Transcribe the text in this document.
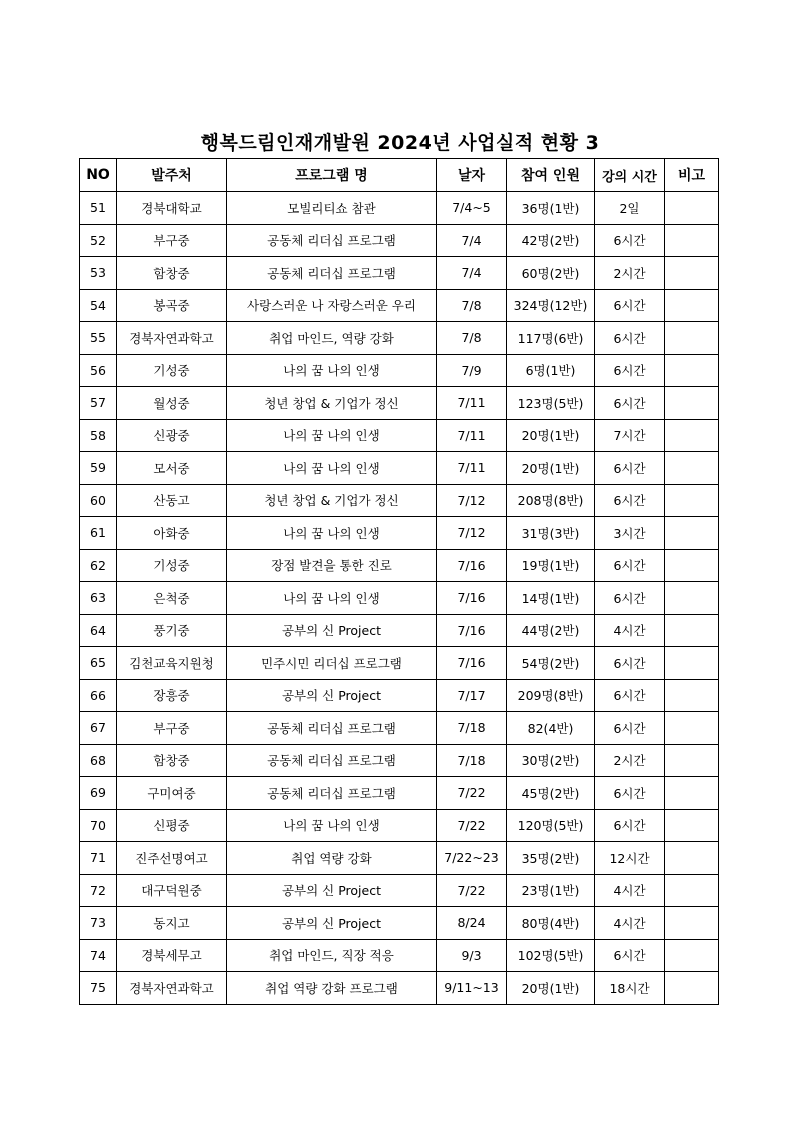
행복드림인재개발원 2024년 사업실적 현황 3
NO	발주처	프로그램 명	날자	참여 인원	강의 시간	비고
51	경북대학교	모빌리티쇼 참관	7/4~5	36명(1반)	2일	
52	부구중	공동체 리더십 프로그램	7/4	42명(2반)	6시간	
53	함창중	공동체 리더십 프로그램	7/4	60명(2반)	2시간	
54	봉곡중	사랑스러운 나 자랑스러운 우리	7/8	324명(12반)	6시간	
55	경북자연과학고	취업 마인드, 역량 강화	7/8	117명(6반)	6시간	
56	기성중	나의 꿈 나의 인생	7/9	6명(1반)	6시간	
57	월성중	청년 창업 & 기업가 정신	7/11	123명(5반)	6시간	
58	신광중	나의 꿈 나의 인생	7/11	20명(1반)	7시간	
59	모서중	나의 꿈 나의 인생	7/11	20명(1반)	6시간	
60	산동고	청년 창업 & 기업가 정신	7/12	208명(8반)	6시간	
61	아화중	나의 꿈 나의 인생	7/12	31명(3반)	3시간	
62	기성중	장점 발견을 통한 진로	7/16	19명(1반)	6시간	
63	은척중	나의 꿈 나의 인생	7/16	14명(1반)	6시간	
64	풍기중	공부의 신 Project	7/16	44명(2반)	4시간	
65	김천교육지원청	민주시민 리더십 프로그램	7/16	54명(2반)	6시간	
66	장흥중	공부의 신 Project	7/17	209명(8반)	6시간	
67	부구중	공동체 리더십 프로그램	7/18	82(4반)	6시간	
68	함창중	공동체 리더십 프로그램	7/18	30명(2반)	2시간	
69	구미여중	공동체 리더십 프로그램	7/22	45명(2반)	6시간	
70	신평중	나의 꿈 나의 인생	7/22	120명(5반)	6시간	
71	진주선명여고	취업 역량 강화	7/22~23	35명(2반)	12시간	
72	대구덕원중	공부의 신 Project	7/22	23명(1반)	4시간	
73	동지고	공부의 신 Project	8/24	80명(4반)	4시간	
74	경북세무고	취업 마인드, 직장 적응	9/3	102명(5반)	6시간	
75	경북자연과학고	취업 역량 강화 프로그램	9/11~13	20명(1반)	18시간	
